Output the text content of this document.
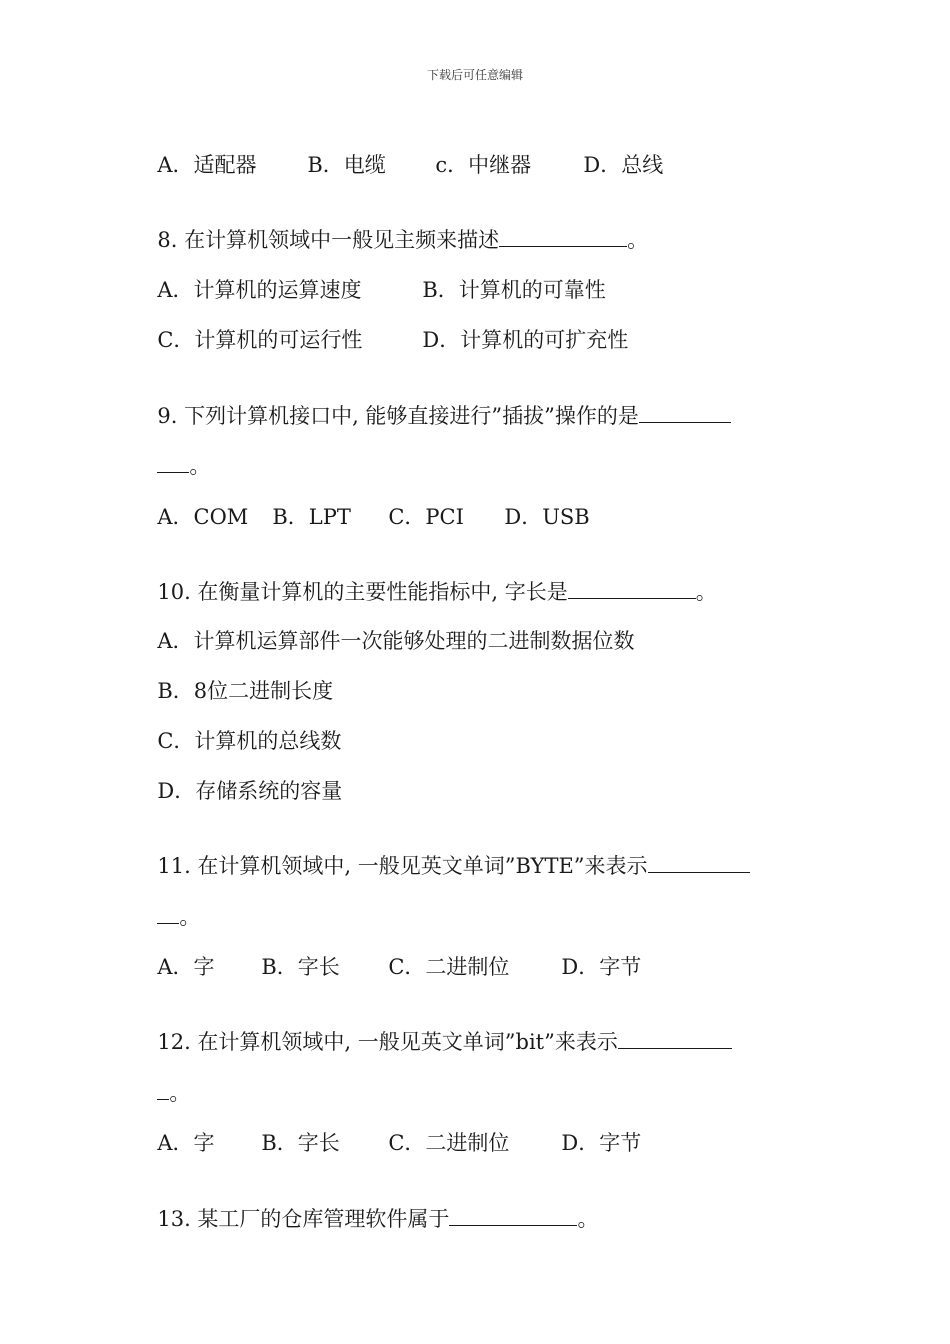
下载后可任意编辑

A．适配器 B．电缆 c．中继器 D．总线

8. 在计算机领域中一般见主频来描述	。

A．计算机的运算速度	B．计算机的可靠性

C．计算机的可运行性	D．计算机的可扩充性

9. 下列计算机接口中, 能够直接进行”插拔”操作的是

。

A．COM B．LPT C．PCI D．USB

10. 在衡量计算机的主要性能指标中, 字长是	。

A．计算机运算部件一次能够处理的二进制数据位数

B．8位二进制长度

C．计算机的总线数

D．存储系统的容量

11. 在计算机领域中, 一般见英文单词”BYTE”来表示

。

A．字 B．字长 C．二进制位 D．字节

12. 在计算机领域中, 一般见英文单词”bit”来表示

。

A．字 B．字长 C．二进制位 D．字节

13. 某工厂的仓库管理软件属于	。
